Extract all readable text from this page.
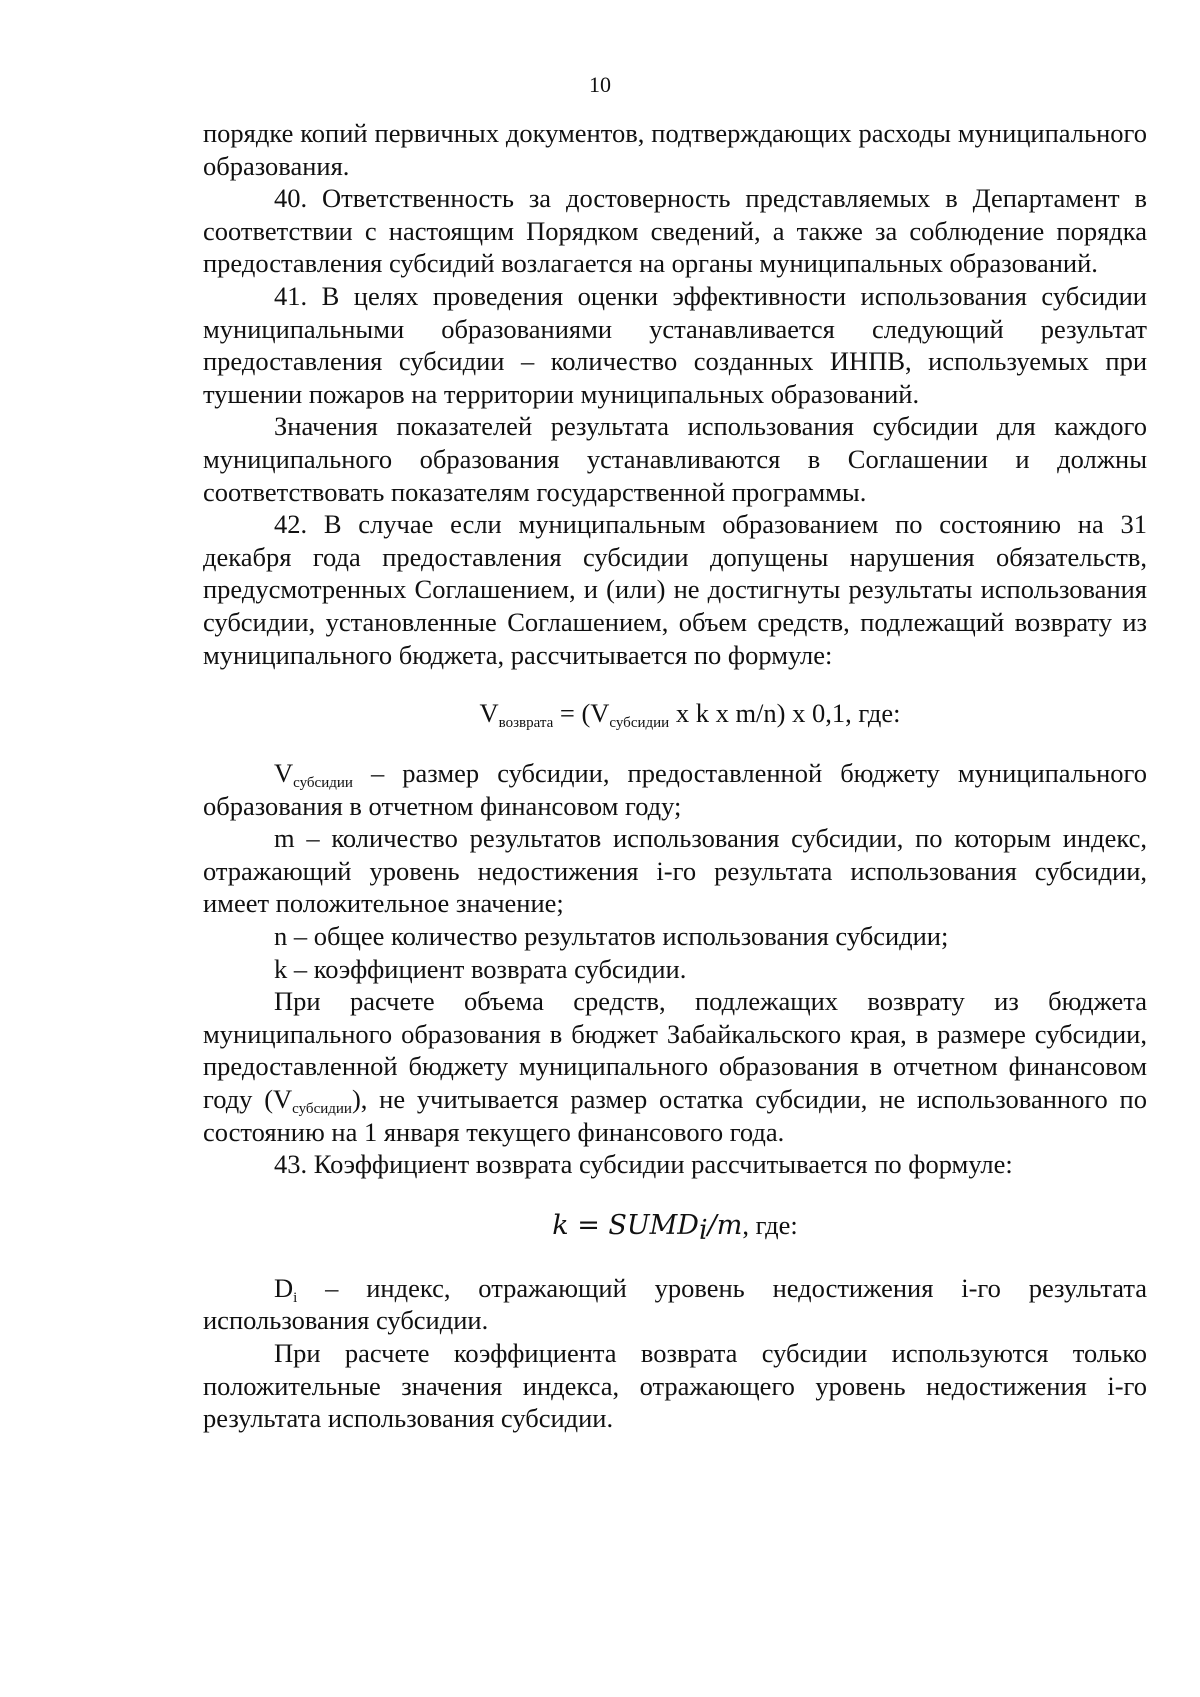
10

порядке копий первичных документов, подтверждающих расходы муниципального образования.

40. Ответственность за достоверность представляемых в Департамент в соответствии с настоящим Порядком сведений, а также за соблюдение порядка предоставления субсидий возлагается на органы муниципальных образований.

41. В целях проведения оценки эффективности использования субсидии муниципальными образованиями устанавливается следующий результат предоставления субсидии – количество созданных ИНПВ, используемых при тушении пожаров на территории муниципальных образований.

Значения показателей результата использования субсидии для каждого муниципального образования устанавливаются в Соглашении и должны соответствовать показателям государственной программы.

42. В случае если муниципальным образованием по состоянию на 31 декабря года предоставления субсидии допущены нарушения обязательств, предусмотренных Соглашением, и (или) не достигнуты результаты использования субсидии, установленные Соглашением, объем средств, подлежащий возврату из муниципального бюджета, рассчитывается по формуле:

$V_{возврата} = (V_{субсидии}$ x k x m/n) x 0,1, где:

$V_{субсидии}$ – размер субсидии, предоставленной бюджету муниципального образования в отчетном финансовом году;

m – количество результатов использования субсидии, по которым индекс, отражающий уровень недостижения i-го результата использования субсидии, имеет положительное значение;

n – общее количество результатов использования субсидии;

k – коэффициент возврата субсидии.

При расчете объема средств, подлежащих возврату из бюджета муниципального образования в бюджет Забайкальского края, в размере субсидии, предоставленной бюджету муниципального образования в отчетном финансовом году $(V_{субсидии})$, не учитывается размер остатка субсидии, не использованного по состоянию на 1 января текущего финансового года.

43. Коэффициент возврата субсидии рассчитывается по формуле:

$k = SUMD_i/m$, где:

$D_i$ – индекс, отражающий уровень недостижения i-го результата использования субсидии.

При расчете коэффициента возврата субсидии используются только положительные значения индекса, отражающего уровень недостижения i-го результата использования субсидии.
